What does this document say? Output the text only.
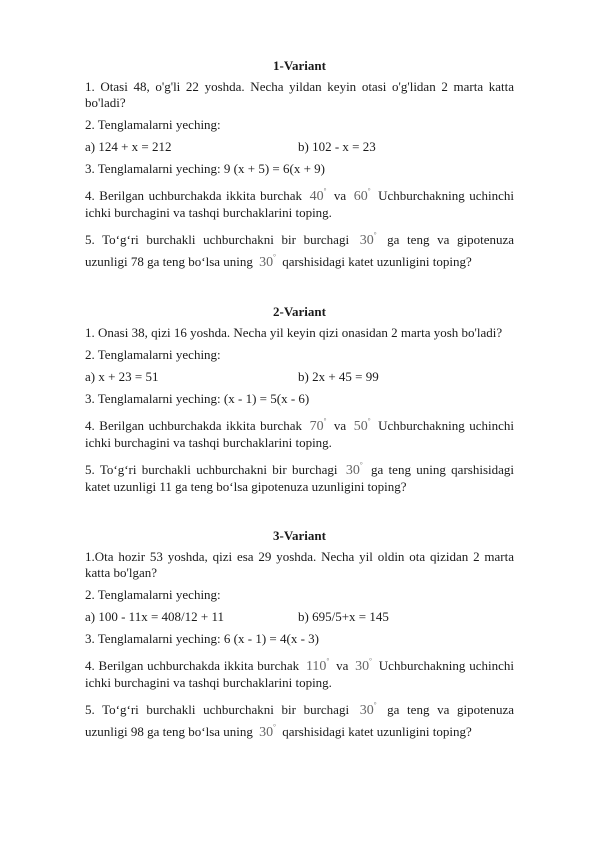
1-Variant
1. Otasi 48, o'g'li 22 yoshda. Necha yildan keyin otasi o'g'lidan 2 marta katta bo'ladi?
2. Tenglamalarni yeching:
a) 124 + x = 212	b) 102 - x = 23
3. Tenglamalarni yeching: 9 (x + 5) = 6(x + 9)
4. Berilgan uchburchakda ikkita burchak 40° va 60° Uchburchakning uchinchi ichki burchagini va tashqi burchaklarini toping.
5. To‘g‘ri burchakli uchburchakni bir burchagi 30° ga teng va gipotenuza uzunligi 78 ga teng bo‘lsa uning 30° qarshisidagi katet uzunligini toping?
2-Variant
1. Onasi 38, qizi 16 yoshda. Necha yil keyin qizi onasidan 2 marta yosh bo'ladi?
2. Tenglamalarni yeching:
a) x + 23 = 51	b) 2x + 45 = 99
3. Tenglamalarni yeching: (x - 1) = 5(x - 6)
4. Berilgan uchburchakda ikkita burchak 70° va 50° Uchburchakning uchinchi ichki burchagini va tashqi burchaklarini toping.
5. To‘g‘ri burchakli uchburchakni bir burchagi 30° ga teng uning qarshisidagi katet uzunligi 11 ga teng bo‘lsa gipotenuza uzunligini toping?
3-Variant
1.Ota hozir 53 yoshda, qizi esa 29 yoshda. Necha yil oldin ota qizidan 2 marta katta bo'lgan?
2. Tenglamalarni yeching:
a) 100 - 11x = 408/12 + 11	b) 695/5+x = 145
3. Tenglamalarni yeching: 6 (x - 1) = 4(x - 3)
4. Berilgan uchburchakda ikkita burchak 110° va 30° Uchburchakning uchinchi ichki burchagini va tashqi burchaklarini toping.
5. To‘g‘ri burchakli uchburchakni bir burchagi 30° ga teng va gipotenuza uzunligi 98 ga teng bo‘lsa uning 30° qarshisidagi katet uzunligini toping?
